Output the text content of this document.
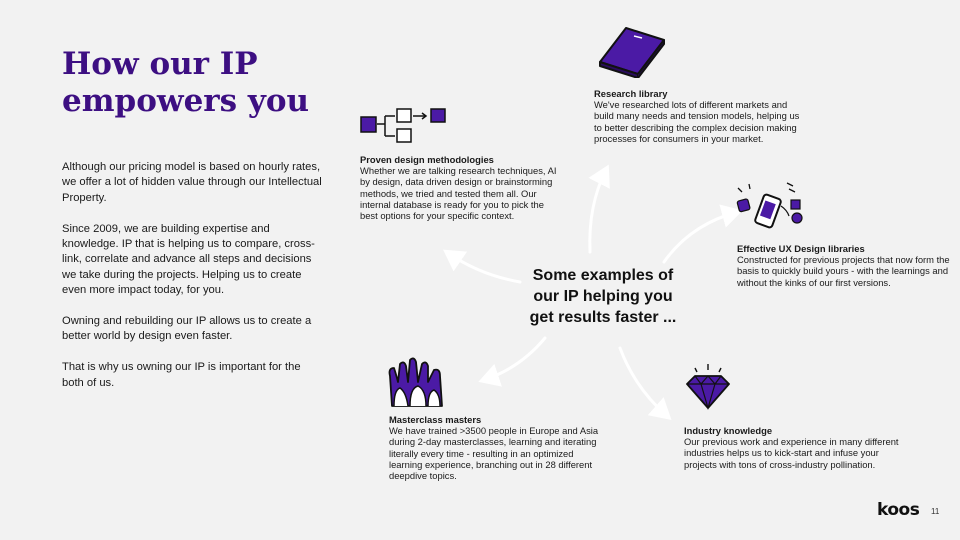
How our IP empowers you

Although our pricing model is based on hourly rates, we offer a lot of hidden value through our Intellectual Property.

Since 2009, we are building expertise and knowledge. IP that is helping us to compare, cross-link, correlate and advance all steps and decisions we take during the projects. Helping us to create even more impact today, for you.

Owning and rebuilding our IP allows us to create a better world by design even faster.

That is why us owning our IP is important for the both of us.

Research library
We've researched lots of different markets and build many needs and tension models, helping us to better describing the complex decision making processes for consumers in your market.
Proven design methodologies
Whether we are talking research techniques, AI by design, data driven design or brainstorming methods, we tried and tested them all. Our internal database is ready for you to pick the best options for your specific context.
Effective UX Design libraries
Constructed for previous projects that now form the basis to quickly build yours - with the learnings and without the kinks of our first versions.
Masterclass masters
We have trained >3500 people in Europe and Asia during 2-day masterclasses, learning and iterating literally every time - resulting in an optimized learning experience, branching out in 28 different deepdive topics.
Industry knowledge
Our previous work and experience in many different industries helps us to kick-start and infuse your projects with tons of cross-industry pollination.
Some examples of our IP helping you get results faster ...
koos 11
